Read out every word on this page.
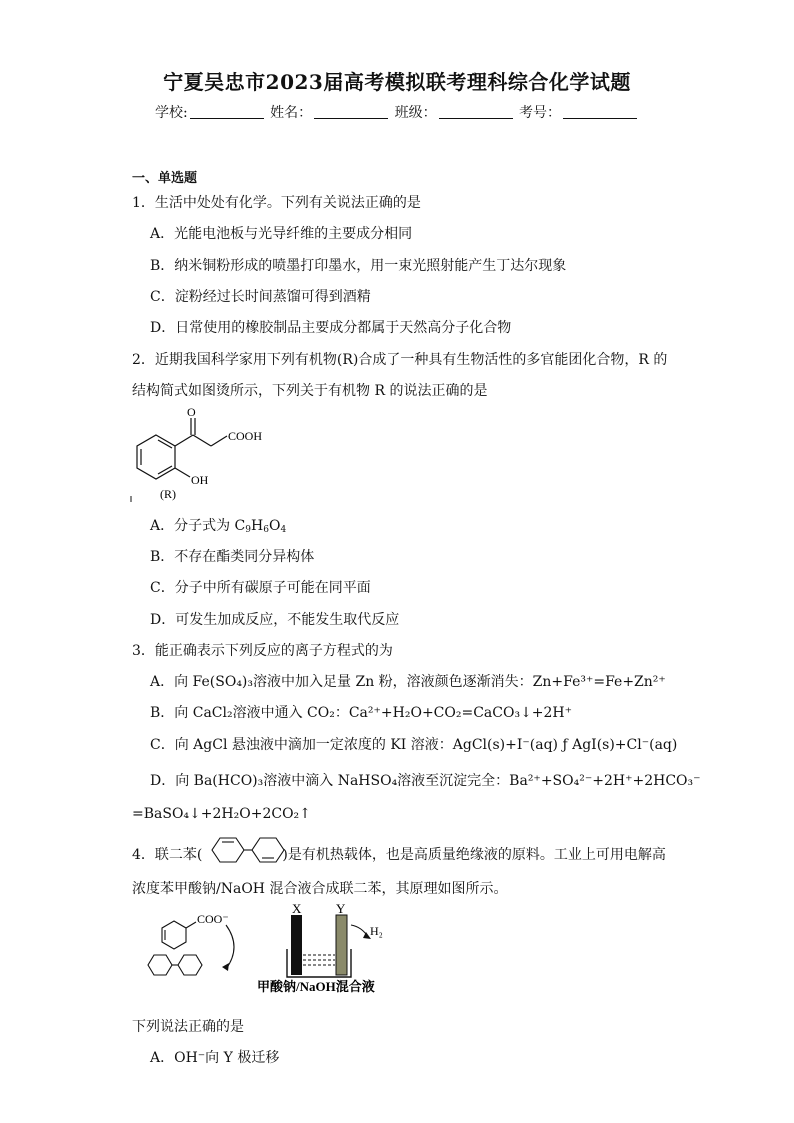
宁夏吴忠市2023届高考模拟联考理科综合化学试题
学校:	姓名：	班级：	考号：
一、单选题
1．生活中处处有化学。下列有关说法正确的是
A．光能电池板与光导纤维的主要成分相同
B．纳米铜粉形成的喷墨打印墨水，用一束光照射能产生丁达尔现象
C．淀粉经过长时间蒸馏可得到酒精
D．日常使用的橡胶制品主要成分都属于天然高分子化合物
2．近期我国科学家用下列有机物(R)合成了一种具有生物活性的多官能团化合物，R 的
结构简式如图烫所示，下列关于有机物 R 的说法正确的是
O
COOH
OH
(R)
A．分子式为 $C_9H_6O_4$
B．不存在酯类同分异构体
C．分子中所有碳原子可能在同平面
D．可发生加成反应，不能发生取代反应
3．能正确表示下列反应的离子方程式的为
A．向 Fe(SO₄)₃溶液中加入足量 Zn 粉，溶液颜色逐渐消失：Zn+Fe³⁺=Fe+Zn²⁺
B．向 CaCl₂溶液中通入 CO₂：Ca²⁺+H₂O+CO₂=CaCO₃↓+2H⁺
C．向 AgCl 悬浊液中滴加一定浓度的 KI 溶液：AgCl(s)+I⁻(aq) ƒ AgI(s)+Cl⁻(aq)
D．向 Ba(HCO)₃溶液中滴入 NaHSO₄溶液至沉淀完全：Ba²⁺+SO₄²⁻+2H⁺+2HCO₃⁻
=BaSO₄↓+2H₂O+2CO₂↑
4．联二苯(	)是有机热载体，也是高质量绝缘液的原料。工业上可用电解高
浓度苯甲酸钠/NaOH 混合液合成联二苯，其原理如图所示。
COO⁻
X	Y
H₂
甲酸钠/NaOH混合液
下列说法正确的是
A．OH⁻向 Y 极迁移
